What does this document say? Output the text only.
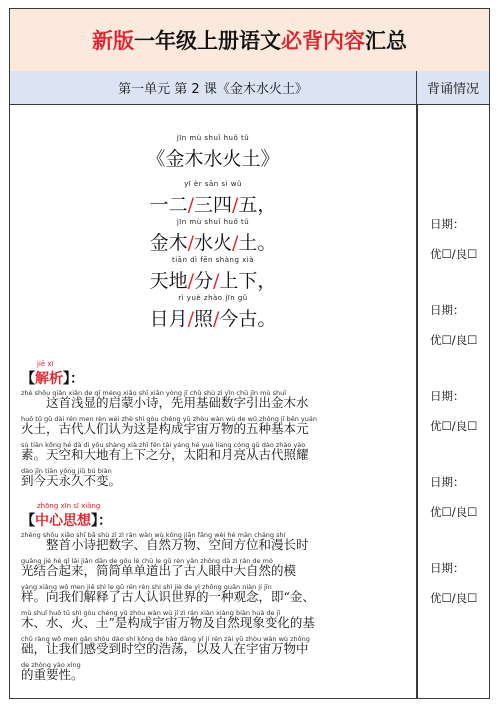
新版 一年级上册语文 必背内容 汇总
第一单元 第 2 课《金木水火土》	背诵情况
jīn mù shuǐ huǒ tǔ
《金木水火土》
yī èr sān sì wǔ
一二/三四/五，
jīn mù shuǐ huǒ tǔ
金木/水火/土。
tiān dì fēn shàng xià
天地/分/上下，
rì yuè zhào jīn gǔ
日月/照/今古。
jiě xī
【解析】：
zhè shǒu qiǎn xiǎn de qǐ méng xiǎo shī xiān yòng jī chǔ shù zì yǐn chū jīn mù shuǐ
　　这首浅显的启蒙小诗，先用基础数字引出金木水
huǒ tǔ gǔ dài rén men rèn wéi zhè shì gòu chéng yǔ zhòu wàn wù de wǔ zhǒng jī běn yuán
火土，古代人们认为这是构成宇宙万物的五种基本元
sù tiān kōng hé dà dì yǒu shàng xià zhī fēn tài yáng hé yuè liang cóng gǔ dào zhào yào
素。天空和大地有上下之分，太阳和月亮从古代照耀
dào jīn tiān yǒng jiǔ bú biàn
到今天永久不变。
zhōng xīn sī xiǎng
【中心思想】：
zhěng shǒu xiǎo shī bǎ shù zì zì rán wàn wù kōng jiān fāng wèi hé màn cháng shí
　　整首小诗把数字、自然万物、空间方位和漫长时
guāng jié hé qǐ lái jiǎn dān de gōu lè chū le gǔ rén yǎn zhōng dà zì rán de mó
光结合起来，简简单单道出了古人眼中大自然的模
yàng xiàng wǒ men jiě shì le gǔ rén rèn shi shì jiè de yì zhǒng guān niàn jí jīn
样。向我们解释了古人认识世界的一种观念，即“金、
mù shuǐ huǒ tǔ shì gòu chéng yǔ zhòu wàn wù jí zì rán xiàn xiàng biàn huà de jī
木、水、火、土”是构成宇宙万物及自然现象变化的基
chǔ ràng wǒ men gǎn shòu dào shí kōng de hào dàng yǐ jí rén zài yǔ zhòu wàn wù zhōng
础，让我们感受到时空的浩荡，以及人在宇宙万物中
de zhòng yào xìng
的重要性。
日期：
优☐/良☐
日期：
优☐/良☐
日期：
优☐/良☐
日期：
优☐/良☐
日期：
优☐/良☐
